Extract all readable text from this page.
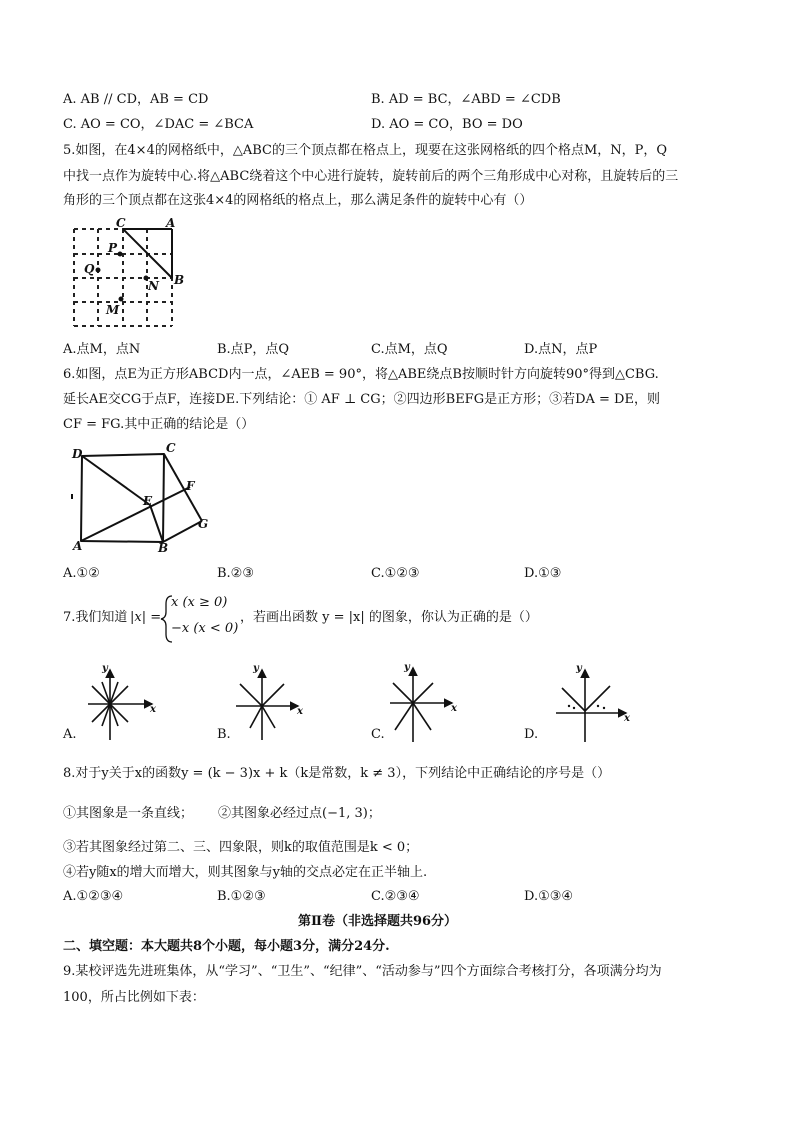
A. AB // CD，AB = CD	B. AD = BC，∠ABD = ∠CDB
C. AO = CO，∠DAC = ∠BCA	D. AO = CO，BO = DO
5.如图，在4×4的网格纸中，△ABC的三个顶点都在格点上，现要在这张网格纸的四个格点M，N，P，Q
中找一点作为旋转中心.将△ABC绕着这个中心进行旋转，旋转前后的两个三角形成中心对称，且旋转后的三
角形的三个顶点都在这张4×4的网格纸的格点上，那么满足条件的旋转中心有（）
C	A
P
Q
N B
M
A.点M，点N	B.点P，点Q	C.点M，点Q	D.点N，点P
6.如图，点E为正方形ABCD内一点，∠AEB = 90°，将△ABE绕点B按顺时针方向旋转90°得到△CBG.
延长AE交CG于点F，连接DE.下列结论：① AF ⊥ CG；②四边形BEFG是正方形；③若DA = DE，则
CF = FG.其中正确的结论是（）
D	C
E
F
G
A	B
A.①②	B.②③	C.①②③	D.①③
7.我们知道 |x| =
x (x ≥ 0)
−x (x < 0)
，若画出函数 y = |x| 的图象，你认为正确的是（）
y
x
y
x
y
x
y
x
A.	B.	C.	D.
8.对于y关于x的函数y = (k − 3)x + k（k是常数，k ≠ 3），下列结论中正确结论的序号是（）
①其图象是一条直线； ②其图象必经过点(−1, 3)；
③若其图象经过第二、三、四象限，则k的取值范围是k < 0；
④若y随x的增大而增大，则其图象与y轴的交点必定在正半轴上.
A.①②③④	B.①②③	C.②③④	D.①③④
第Ⅱ卷（非选择题共96分）
二、填空题：本大题共8个小题，每小题3分，满分24分.
9.某校评选先进班集体，从“学习”、“卫生”、“纪律”、“活动参与”四个方面综合考核打分，各项满分均为
100，所占比例如下表：
